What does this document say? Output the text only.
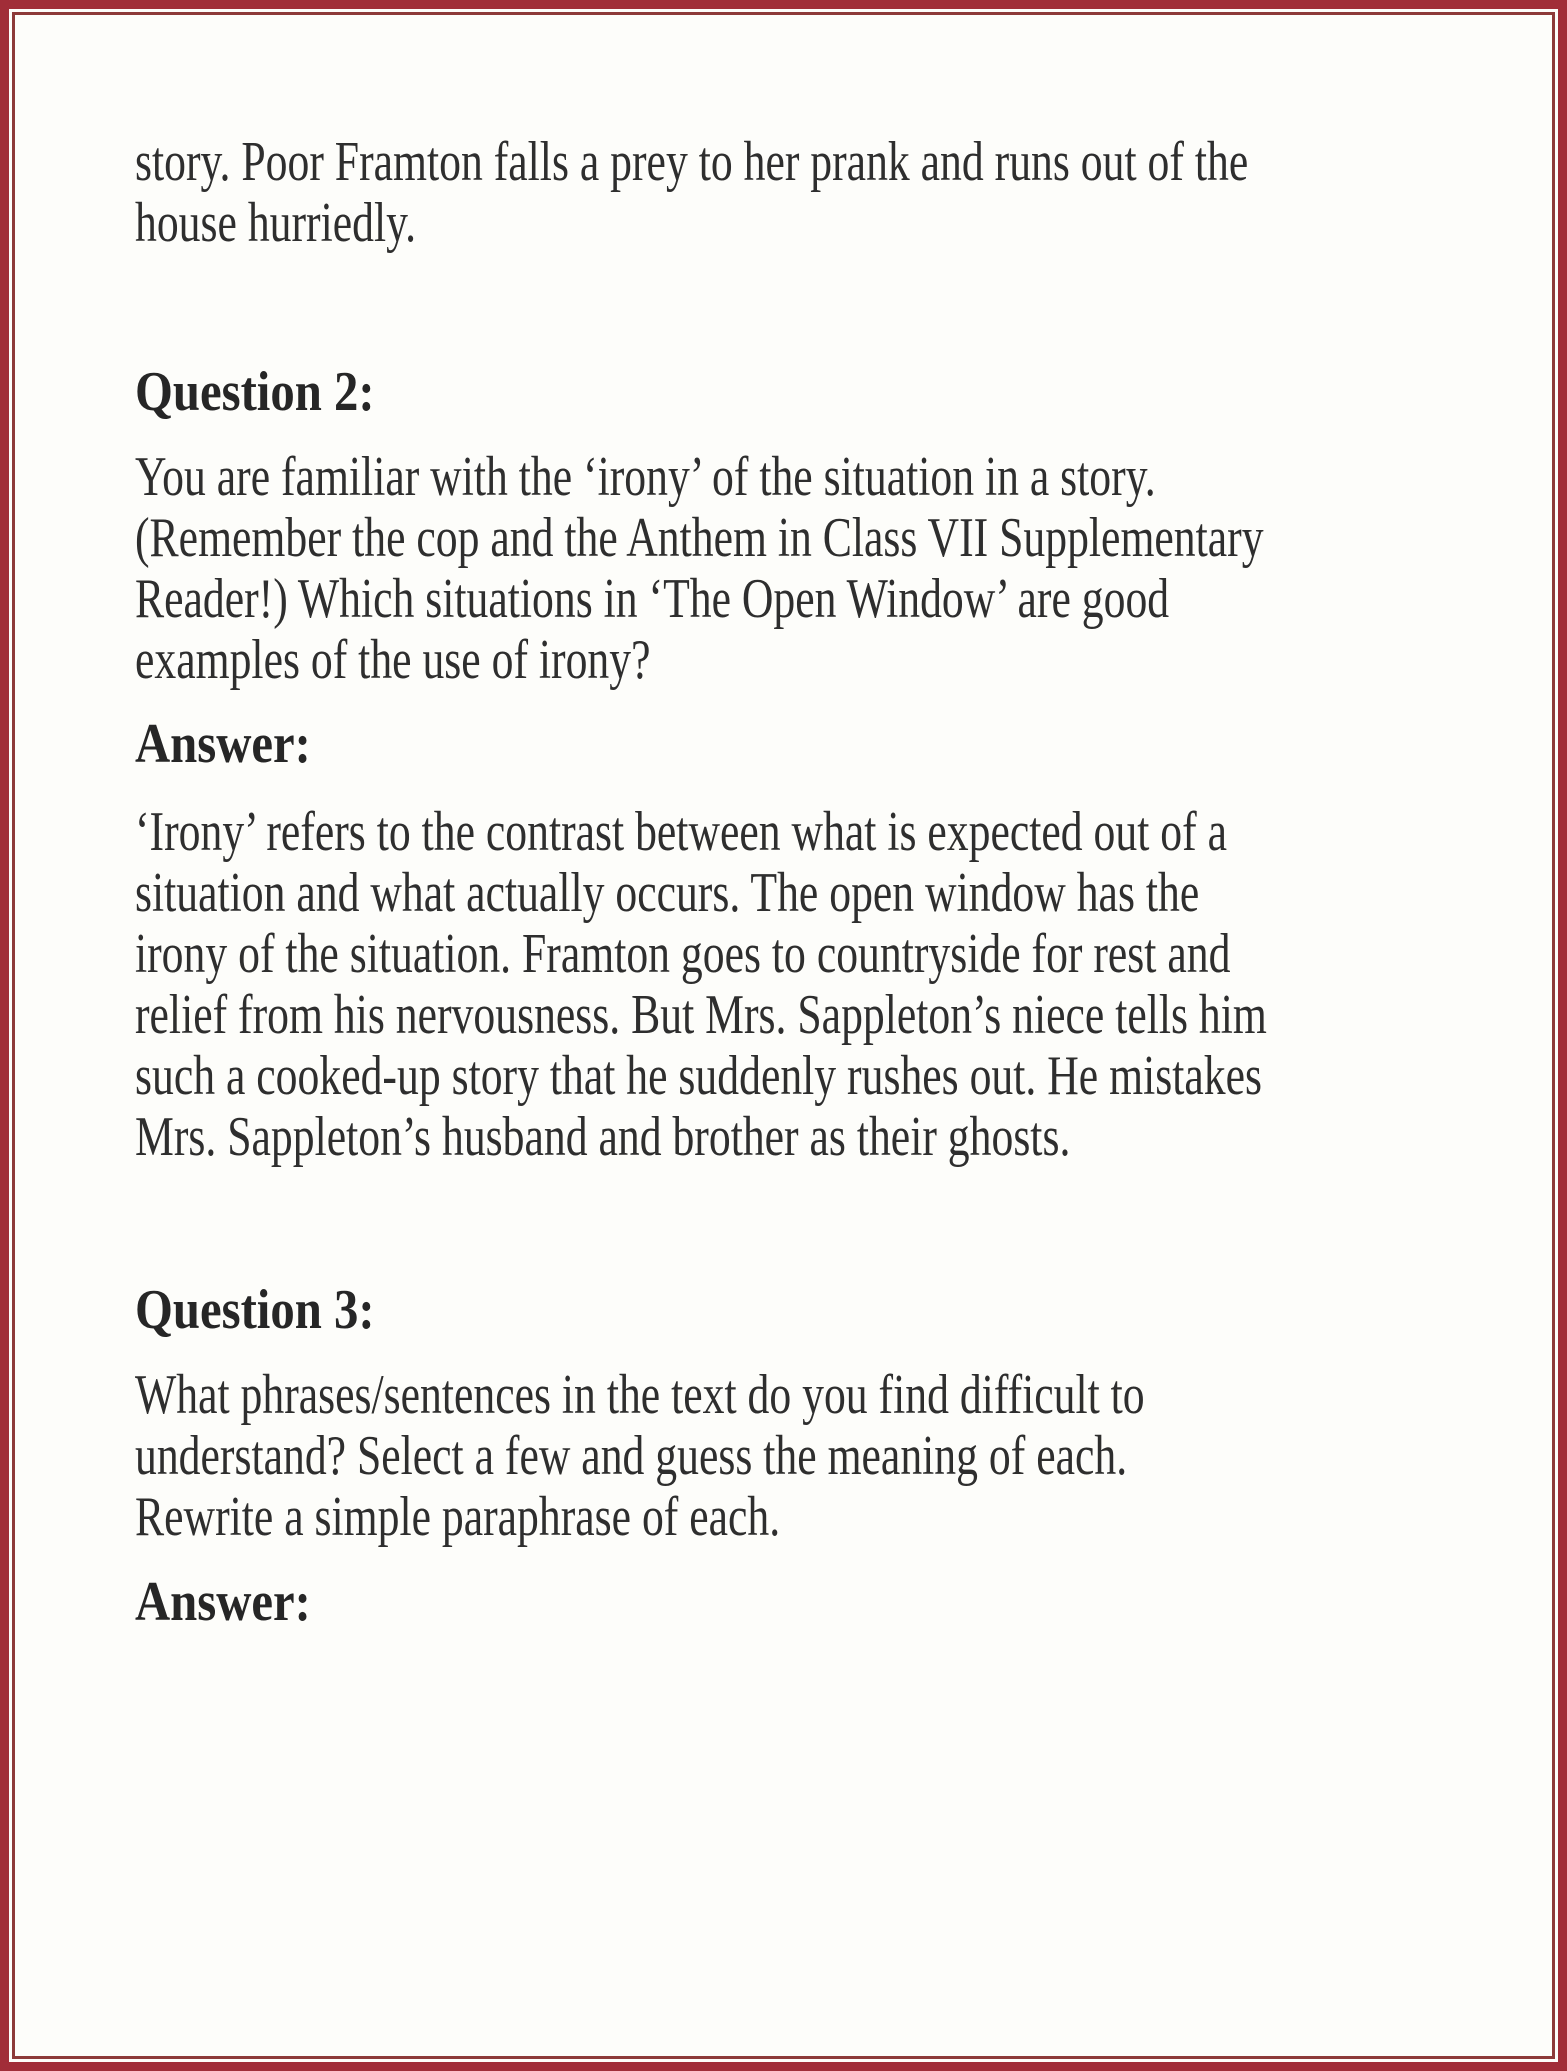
story. Poor Framton falls a prey to her prank and runs out of the
house hurriedly.
Question 2:
You are familiar with the ‘irony’ of the situation in a story.
(Remember the cop and the Anthem in Class VII Supplementary
Reader!) Which situations in ‘The Open Window’ are good
examples of the use of irony?
Answer:
‘Irony’ refers to the contrast between what is expected out of a
situation and what actually occurs. The open window has the
irony of the situation. Framton goes to countryside for rest and
relief from his nervousness. But Mrs. Sappleton’s niece tells him
such a cooked-up story that he suddenly rushes out. He mistakes
Mrs. Sappleton’s husband and brother as their ghosts.
Question 3:
What phrases/sentences in the text do you find difficult to
understand? Select a few and guess the meaning of each.
Rewrite a simple paraphrase of each.
Answer:
